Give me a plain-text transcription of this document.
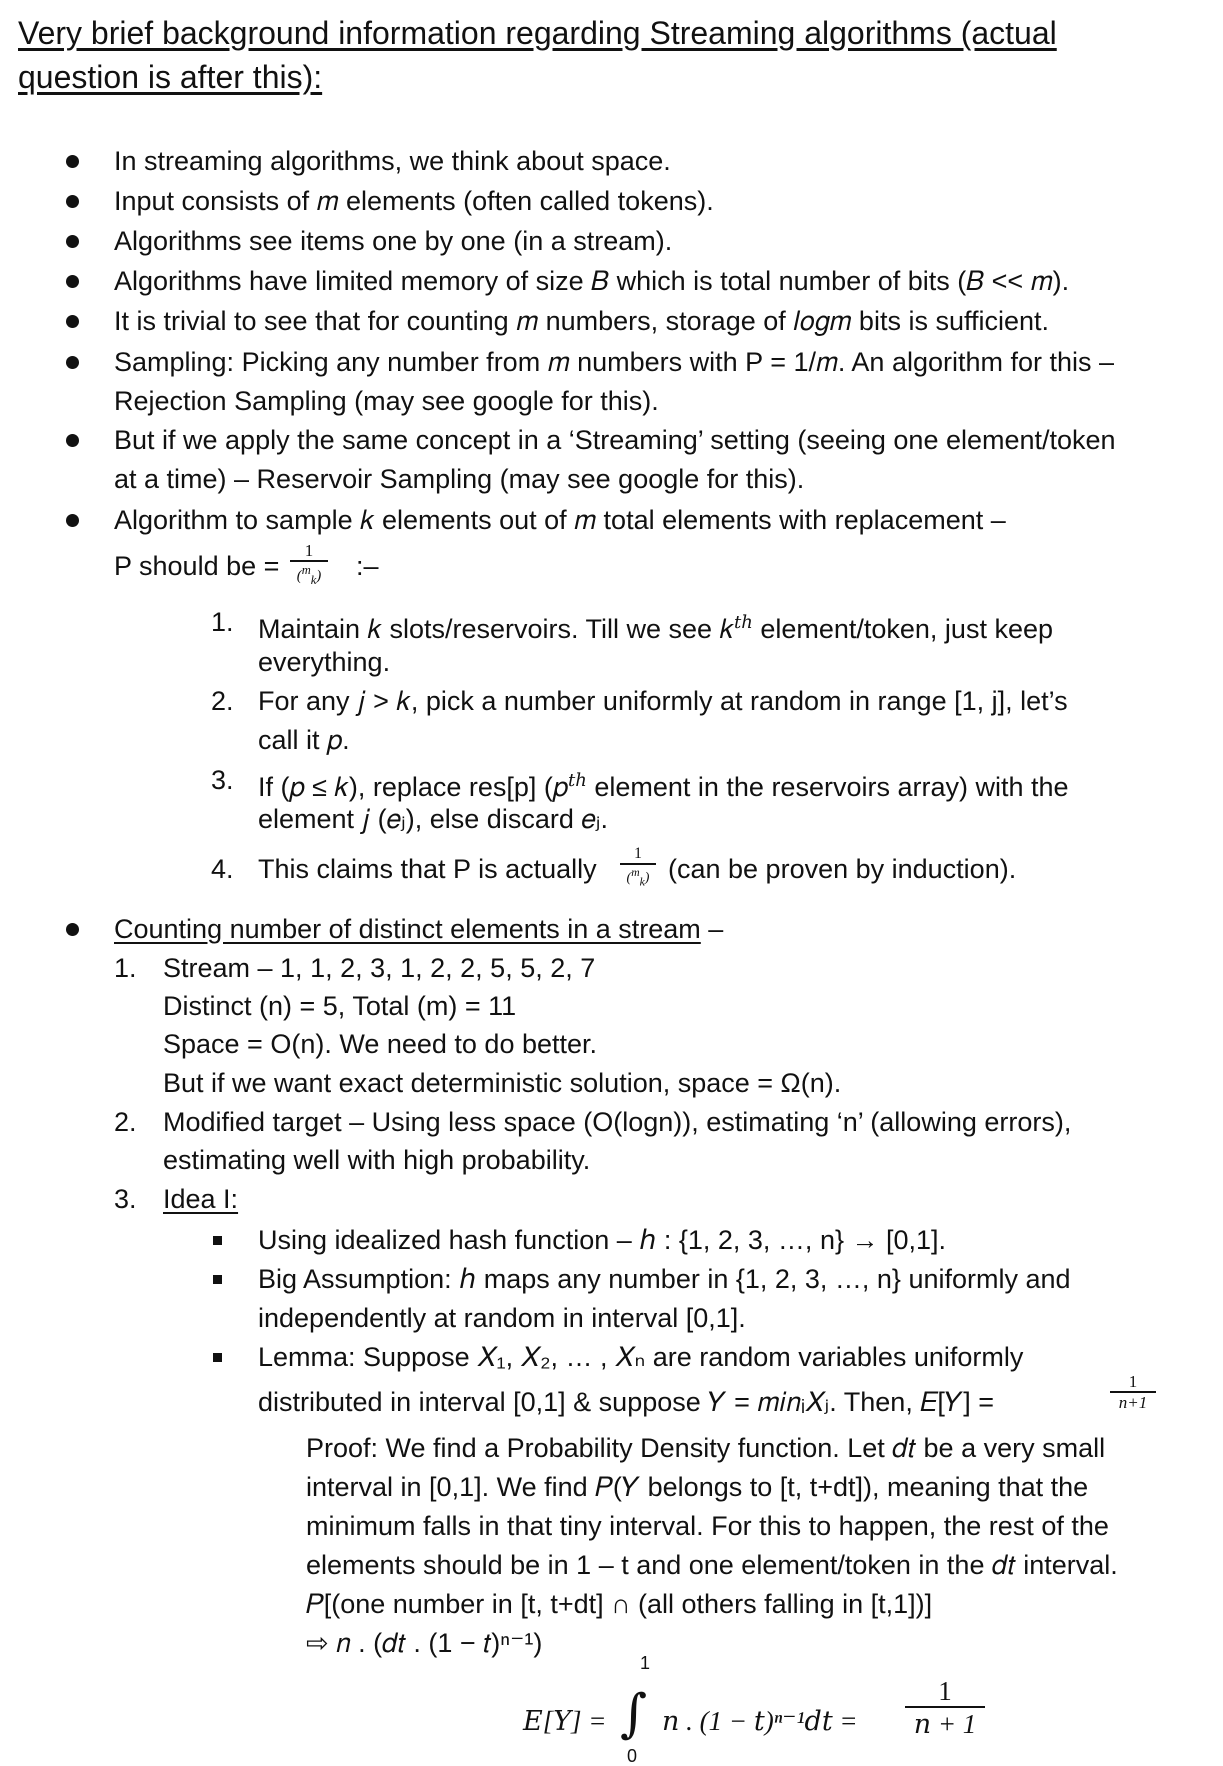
Very brief background information regarding Streaming algorithms (actual
question is after this):
In streaming algorithms, we think about space.
Input consists of 𝑚 elements (often called tokens).
Algorithms see items one by one (in a stream).
Algorithms have limited memory of size 𝐵 which is total number of bits (𝐵 << 𝑚).
It is trivial to see that for counting 𝑚 numbers, storage of 𝑙𝑜𝑔𝑚 bits is sufficient.
Sampling: Picking any number from 𝑚 numbers with P = 1/𝑚. An algorithm for this –
Rejection Sampling (may see google for this).
But if we apply the same concept in a ‘Streaming’ setting (seeing one element/token
at a time) – Reservoir Sampling (may see google for this).
Algorithm to sample 𝑘 elements out of 𝑚 total elements with replacement –
P should be =
1
($^m_k$) :–
1. Maintain 𝑘 slots/reservoirs. Till we see 𝑘$^{𝑡ℎ}$ element/token, just keep
everything.
2. For any 𝑗 > 𝑘, pick a number uniformly at random in range [1, j], let’s
call it 𝑝.
3. If (𝑝 ≤ 𝑘), replace res[p] (𝑝$^{𝑡ℎ}$ element in the reservoirs array) with the
element 𝑗 (𝑒ⱼ), else discard 𝑒ⱼ.
4. This claims that P is actually
1
($^m_k$) (can be proven by induction).
Counting number of distinct elements in a stream –
1. Stream – 1, 1, 2, 3, 1, 2, 2, 5, 5, 2, 7
Distinct (n) = 5, Total (m) = 11
Space = O(n). We need to do better.
But if we want exact deterministic solution, space = Ω(n).
2. Modified target – Using less space (O(logn)), estimating ‘n’ (allowing errors),
estimating well with high probability.
3. Idea I:
Using idealized hash function – ℎ : {1, 2, 3, …, n} → [0,1].
Big Assumption: ℎ maps any number in {1, 2, 3, …, n} uniformly and
independently at random in interval [0,1].
Lemma: Suppose 𝑋₁, 𝑋₂, … , 𝑋ₙ are random variables uniformly
distributed in interval [0,1] & suppose 𝑌 = 𝑚𝑖𝑛ᵢ𝑋ⱼ. Then, 𝐸[𝑌] =
1
n+1
Proof: We find a Probability Density function. Let 𝑑𝑡 be a very small
interval in [0,1]. We find 𝑃(𝑌 belongs to [t, t+dt]), meaning that the
minimum falls in that tiny interval. For this to happen, the rest of the
elements should be in 1 – t and one element/token in the 𝑑𝑡 interval.
𝑃[(one number in [t, t+dt] ∩ (all others falling in [t,1])]
⇨ 𝑛 . (𝑑𝑡 . (1 − 𝑡)ⁿ⁻¹)
𝐸[𝑌] = ∫
1
0
𝑛 . (1 − 𝑡)ⁿ⁻¹𝑑𝑡 =
1
𝑛 + 1
